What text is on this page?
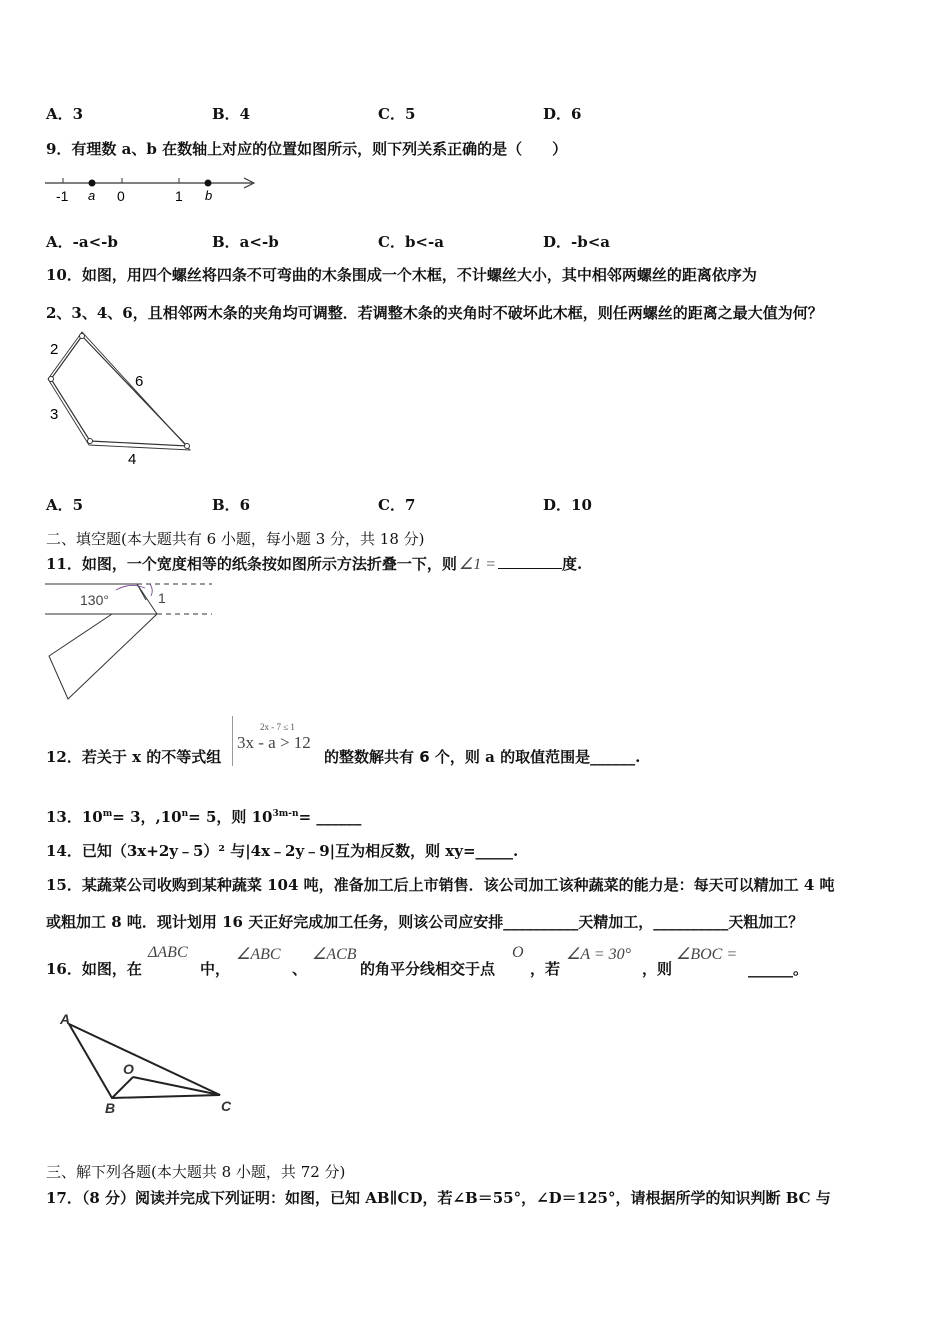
A．3	B．4	C．5	D．6
9．有理数 a、b 在数轴上对应的位置如图所示，则下列关系正确的是（　　）
-1 a 0	1 b
A．-a<-b	B．a<-b	C．b<-a	D．-b<a
10．如图，用四个螺丝将四条不可弯曲的木条围成一个木框，不计螺丝大小，其中相邻两螺丝的距离依序为
2、3、4、6，且相邻两木条的夹角均可调整．若调整木条的夹角时不破坏此木框，则任两螺丝的距离之最大值为何？
2
6
3
4
A．5	B．6	C．7	D．10
二、填空题(本大题共有 6 小题，每小题 3 分，共 18 分)
11．如图，一个宽度相等的纸条按如图所示方法折叠一下，则 ∠1 =	度.
130°	1
12．若关于 x 的不等式组
2x - 7 ≤ 1
3x - a > 12
的整数解共有 6 个，则 a 的取值范围是______.
13．$10^m= 3$，$,10^n= 5$，则 $10^{3m-n}=$ ______
14．已知（3x+2y﹣5）² 与|4x﹣2y﹣9|互为相反数，则 xy=_____.
15．某蔬菜公司收购到某种蔬菜 104 吨，准备加工后上市销售．该公司加工该种蔬菜的能力是：每天可以精加工 4 吨
或粗加工 8 吨．现计划用 16 天正好完成加工任务，则该公司应安排__________天精加工，__________天粗加工？
16．如图，在
ΔABC
中，
∠ABC
、
∠ACB
的角平分线相交于点
O
，若
∠A = 30°
，则
∠BOC =
______。
A
O
B	C
三、解下列各题(本大题共 8 小题，共 72 分)
17．（8 分）阅读并完成下列证明：如图，已知 AB∥CD，若∠B＝55°，∠D＝125°，请根据所学的知识判断 BC 与
